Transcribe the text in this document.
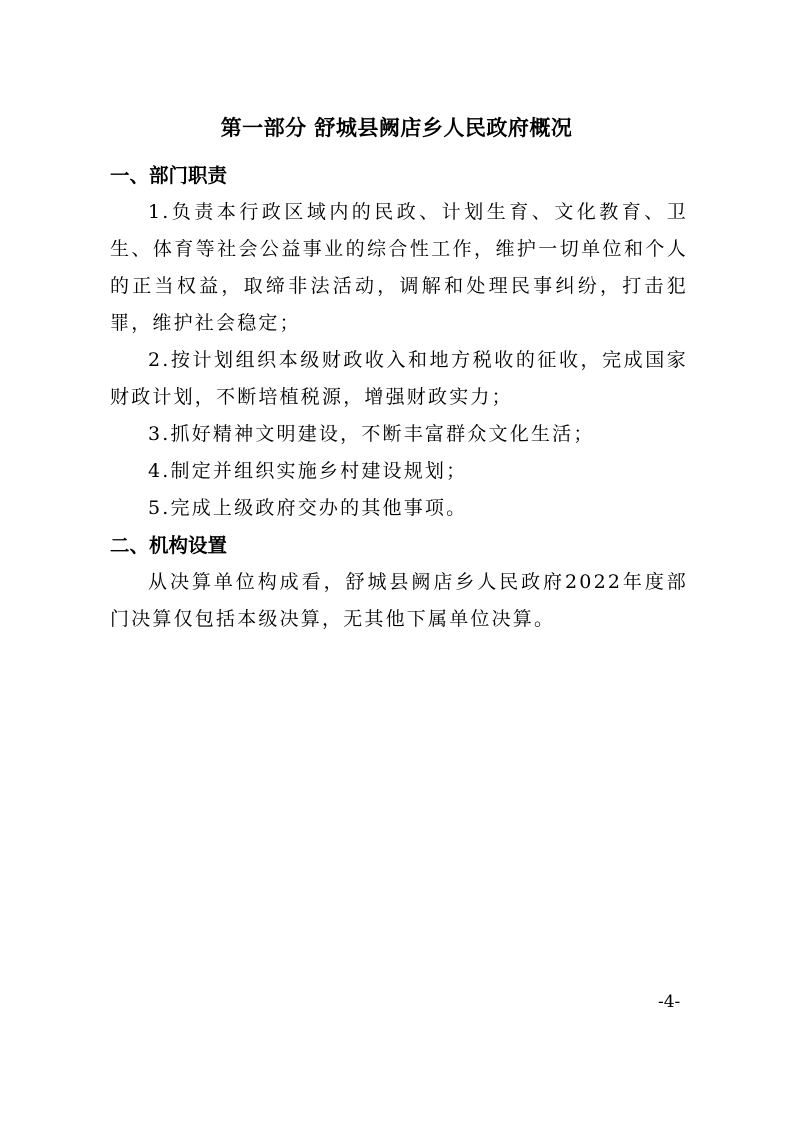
第一部分 舒城县阙店乡人民政府概况
一、部门职责

1.负责本行政区域内的民政、计划生育、文化教育、卫生、体育等社会公益事业的综合性工作，维护一切单位和个人的正当权益，取缔非法活动，调解和处理民事纠纷，打击犯罪，维护社会稳定；

2.按计划组织本级财政收入和地方税收的征收，完成国家财政计划，不断培植税源，增强财政实力；

3.抓好精神文明建设，不断丰富群众文化生活；

4.制定并组织实施乡村建设规划；

5.完成上级政府交办的其他事项。

二、机构设置

从决算单位构成看，舒城县阙店乡人民政府2022年度部门决算仅包括本级决算，无其他下属单位决算。

-4-
